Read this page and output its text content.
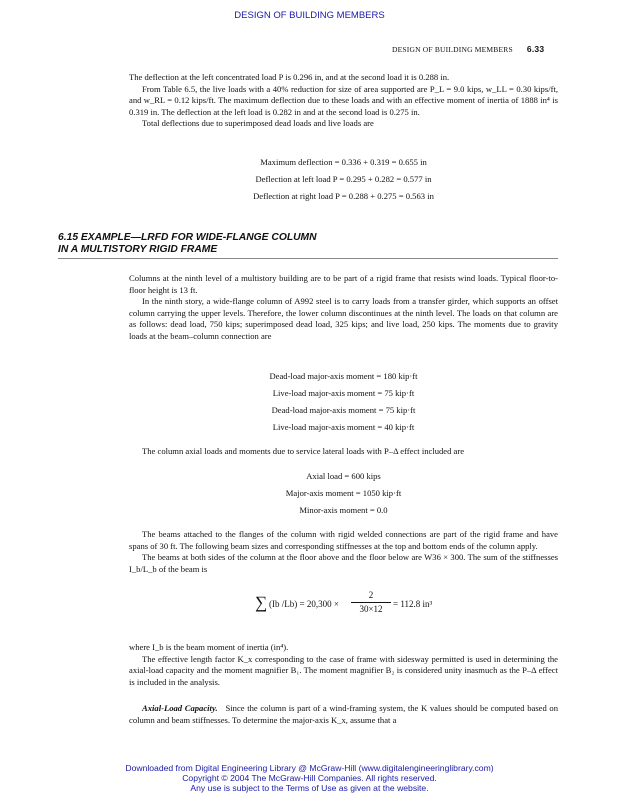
DESIGN OF BUILDING MEMBERS
DESIGN OF BUILDING MEMBERS 6.33

The deflection at the left concentrated load P is 0.296 in, and at the second load it is 0.288 in.

From Table 6.5, the live loads with a 40% reduction for size of area supported are P_L = 9.0 kips, w_LL = 0.30 kips/ft, and w_RL = 0.12 kips/ft. The maximum deflection due to these loads and with an effective moment of inertia of 1888 in⁴ is 0.319 in. The deflection at the left load is 0.282 in and at the second load is 0.275 in.

Total deflections due to superimposed dead loads and live loads are

Maximum deflection = 0.336 + 0.319 = 0.655 in
Deflection at left load P = 0.295 + 0.282 = 0.577 in
Deflection at right load P = 0.288 + 0.275 = 0.563 in
6.15 EXAMPLE—LRFD FOR WIDE-FLANGE COLUMN
IN A MULTISTORY RIGID FRAME

Columns at the ninth level of a multistory building are to be part of a rigid frame that resists wind loads. Typical floor-to-floor height is 13 ft.

In the ninth story, a wide-flange column of A992 steel is to carry loads from a transfer girder, which supports an offset column carrying the upper levels. Therefore, the lower column discontinues at the ninth level. The loads on that column are as follows: dead load, 750 kips; superimposed dead load, 325 kips; and live load, 250 kips. The moments due to gravity loads at the beam–column connection are

Dead-load major-axis moment = 180 kip·ft
Live-load major-axis moment = 75 kip·ft
Dead-load major-axis moment = 75 kip·ft
Live-load major-axis moment = 40 kip·ft

The column axial loads and moments due to service lateral loads with P–Δ effect included are

Axial load = 600 kips
Major-axis moment = 1050 kip·ft
Minor-axis moment = 0.0

The beams attached to the flanges of the column with rigid welded connections are part of the rigid frame and have spans of 30 ft. The following beam sizes and corresponding stiffnesses at the top and bottom ends of the column apply.

The beams at both sides of the column at the floor above and the floor below are W36 × 300. The sum of the stiffnesses I_b/L_b of the beam is

∑ (Ib /Lb) = 20,300 ×
2
30×12	= 112.8 in³

where I_b is the beam moment of inertia (in⁴).

The effective length factor K_x corresponding to the case of frame with sidesway permitted is used in determining the axial-load capacity and the moment magnifier B₁. The moment magnifier B₂ is considered unity inasmuch as the P–Δ effect is included in the analysis.

Axial-Load Capacity. Since the column is part of a wind-framing system, the K values should be computed based on column and beam stiffnesses. To determine the major-axis K_x, assume that a

Downloaded from Digital Engineering Library @ McGraw-Hill (www.digitalengineeringlibrary.com)
Copyright © 2004 The McGraw-Hill Companies. All rights reserved.
Any use is subject to the Terms of Use as given at the website.
